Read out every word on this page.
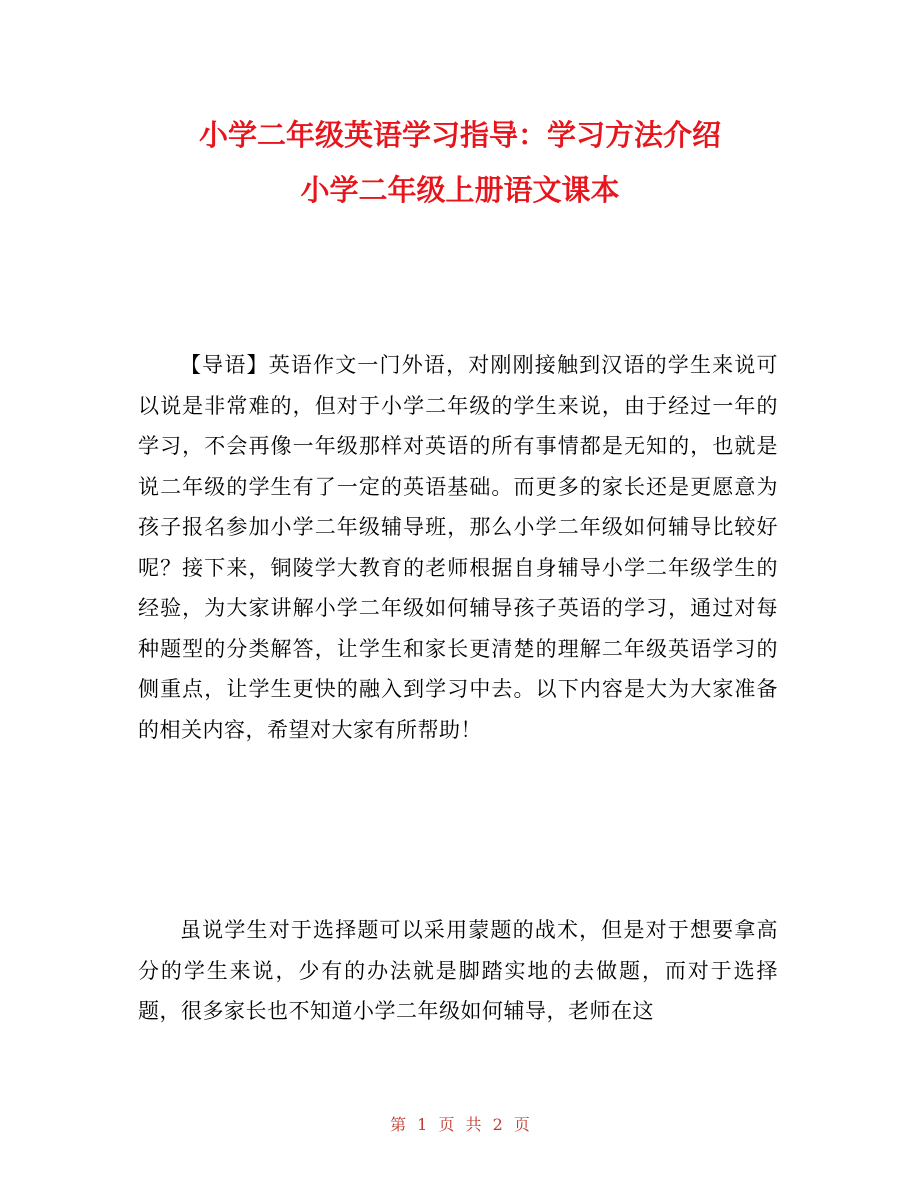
小学二年级英语学习指导：学习方法介绍
小学二年级上册语文课本

【导语】英语作文一门外语，对刚刚接触到汉语的学生来说可以说是非常难的，但对于小学二年级的学生来说，由于经过一年的学习，不会再像一年级那样对英语的所有事情都是无知的，也就是说二年级的学生有了一定的英语基础。而更多的家长还是更愿意为孩子报名参加小学二年级辅导班，那么小学二年级如何辅导比较好呢？接下来，铜陵学大教育的老师根据自身辅导小学二年级学生的经验，为大家讲解小学二年级如何辅导孩子英语的学习，通过对每种题型的分类解答，让学生和家长更清楚的理解二年级英语学习的侧重点，让学生更快的融入到学习中去。以下内容是大为大家准备的相关内容，希望对大家有所帮助！

虽说学生对于选择题可以采用蒙题的战术，但是对于想要拿高分的学生来说，少有的办法就是脚踏实地的去做题，而对于选择题，很多家长也不知道小学二年级如何辅导，老师在这

第 1 页 共 2 页
